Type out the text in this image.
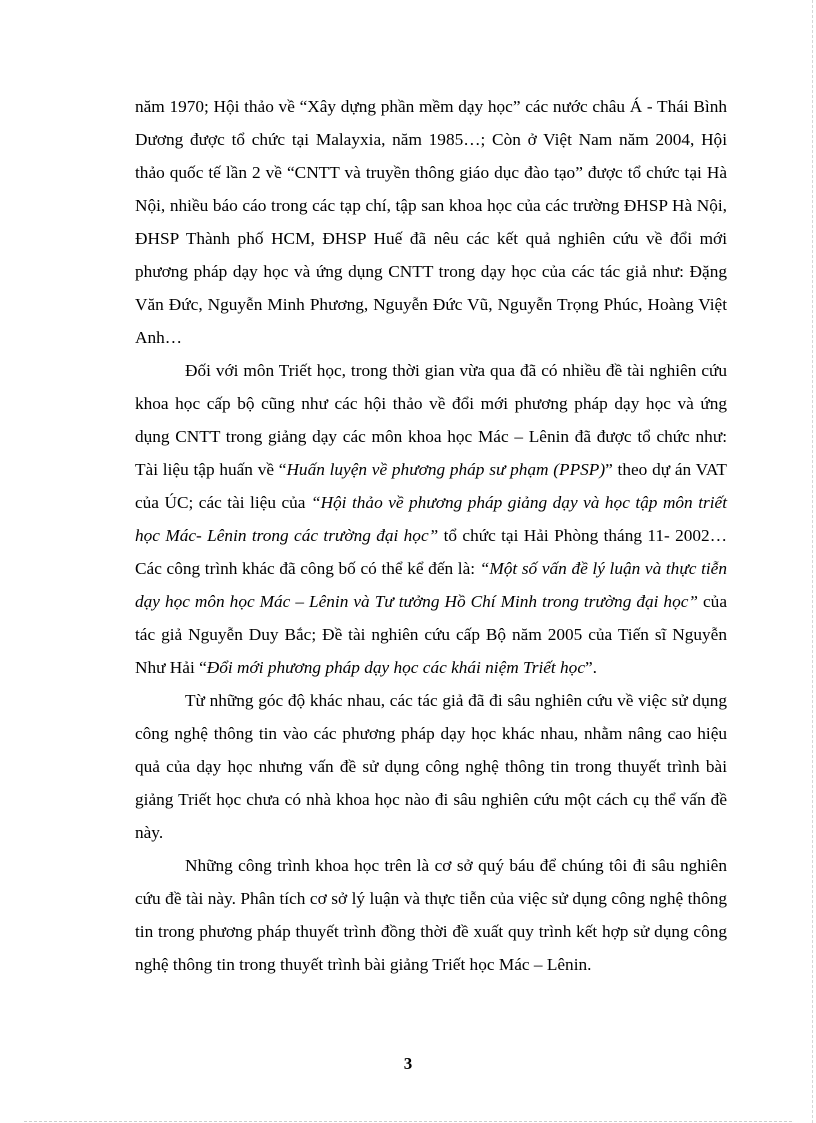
năm 1970; Hội thảo về “Xây dựng phần mềm dạy học” các nước châu Á - Thái Bình Dương được tổ chức tại Malayxia, năm 1985…; Còn ở Việt Nam năm 2004, Hội thảo quốc tế lần 2 về “CNTT và truyền thông giáo dục đào tạo” được tổ chức tại Hà Nội, nhiều báo cáo trong các tạp chí, tập san khoa học của các trường ĐHSP Hà Nội, ĐHSP Thành phố HCM, ĐHSP Huế đã nêu các kết quả nghiên cứu về đổi mới phương pháp dạy học và ứng dụng CNTT trong dạy học của các tác giả như: Đặng Văn Đức, Nguyễn Minh Phương, Nguyễn Đức Vũ, Nguyễn Trọng Phúc, Hoàng Việt Anh…

Đối với môn Triết học, trong thời gian vừa qua đã có nhiều đề tài nghiên cứu khoa học cấp bộ cũng như các hội thảo về đổi mới phương pháp dạy học và ứng dụng CNTT trong giảng dạy các môn khoa học Mác – Lênin đã được tổ chức như: Tài liệu tập huấn về “Huấn luyện về phương pháp sư phạm (PPSP)” theo dự án VAT của ÚC; các tài liệu của “Hội thảo về phương pháp giảng dạy và học tập môn triết học Mác- Lênin trong các trường đại học” tổ chức tại Hải Phòng tháng 11- 2002… Các công trình khác đã công bố có thể kể đến là: “Một số vấn đề lý luận và thực tiễn dạy học môn học Mác – Lênin và Tư tưởng Hồ Chí Minh trong trường đại học” của tác giả Nguyễn Duy Bắc; Đề tài nghiên cứu cấp Bộ năm 2005 của Tiến sĩ Nguyễn Như Hải “Đổi mới phương pháp dạy học các khái niệm Triết học”.

Từ những góc độ khác nhau, các tác giả đã đi sâu nghiên cứu về việc sử dụng công nghệ thông tin vào các phương pháp dạy học khác nhau, nhằm nâng cao hiệu quả của dạy học nhưng vấn đề sử dụng công nghệ thông tin trong thuyết trình bài giảng Triết học chưa có nhà khoa học nào đi sâu nghiên cứu một cách cụ thể vấn đề này.

Những công trình khoa học trên là cơ sở quý báu để chúng tôi đi sâu nghiên cứu đề tài này. Phân tích cơ sở lý luận và thực tiễn của việc sử dụng công nghệ thông tin trong phương pháp thuyết trình đồng thời đề xuất quy trình kết hợp sử dụng công nghệ thông tin trong thuyết trình bài giảng Triết học Mác – Lênin.

3
